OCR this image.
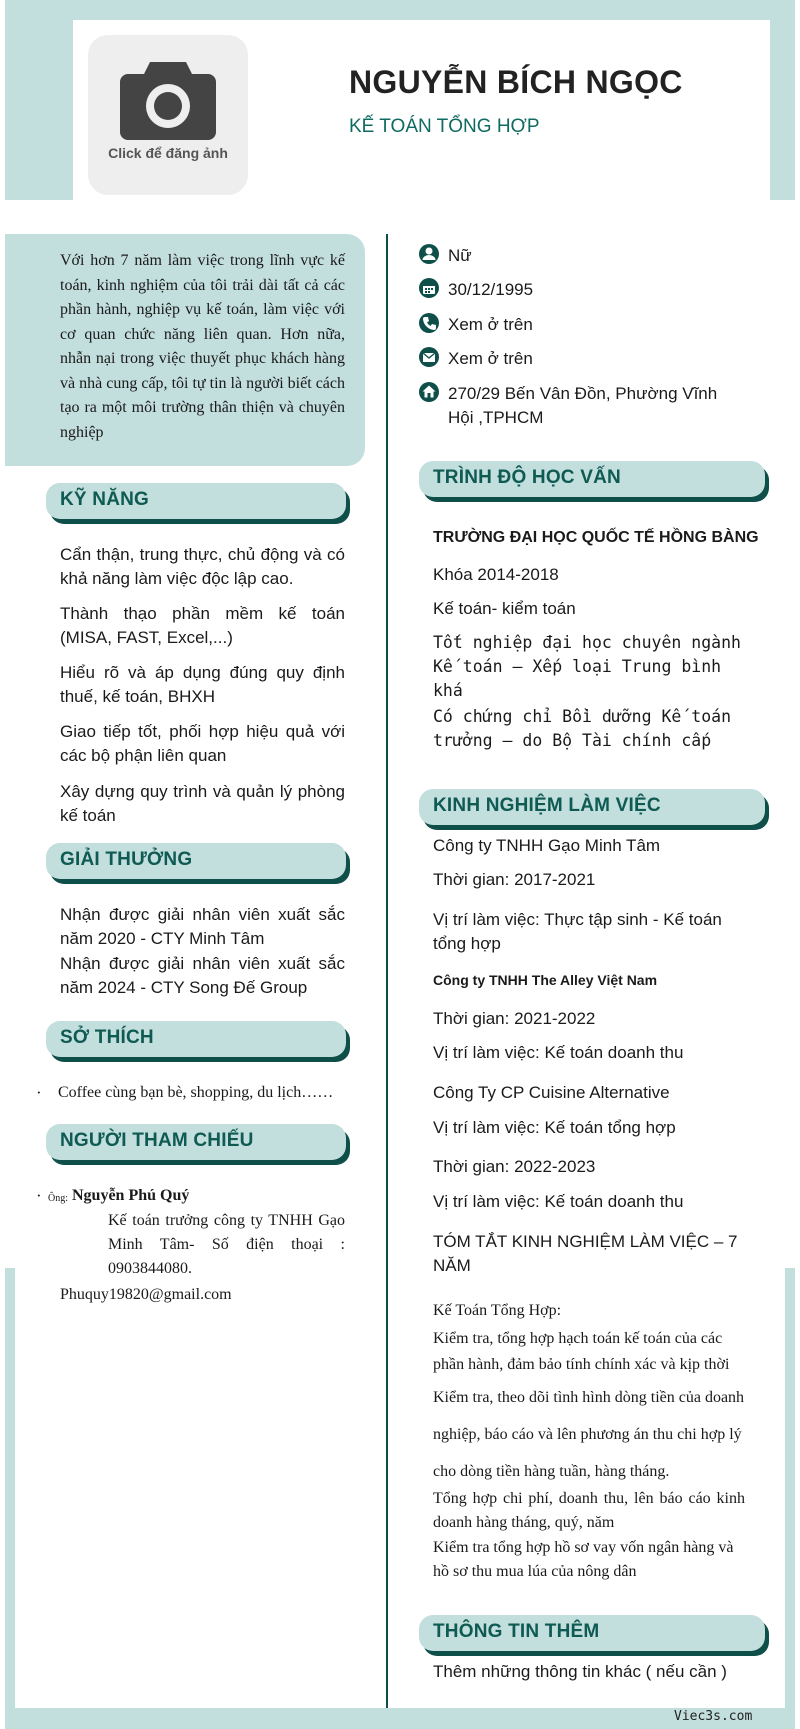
Click để đăng ảnh
NGUYỄN BÍCH NGỌC
KẾ TOÁN TỔNG HỢP
Với hơn 7 năm làm việc trong lĩnh vực kế toán, kinh nghiệm của tôi trải dài tất cả các phần hành, nghiệp vụ kế toán, làm việc với cơ quan chức năng liên quan. Hơn nữa, nhẫn nại trong việc thuyết phục khách hàng và nhà cung cấp, tôi tự tin là người biết cách tạo ra một môi trường thân thiện và chuyên nghiệp
KỸ NĂNG
Cẩn thận, trung thực, chủ động và có khả năng làm việc độc lập cao.
Thành thạo phần mềm kế toán (MISA, FAST, Excel,...)
Hiểu rõ và áp dụng đúng quy định thuế, kế toán, BHXH
Giao tiếp tốt, phối hợp hiệu quả với các bộ phận liên quan
Xây dựng quy trình và quản lý phòng kế toán
GIẢI THƯỞNG
Nhận được giải nhân viên xuất sắc năm 2020 - CTY Minh Tâm
Nhận được giải nhân viên xuất sắc năm 2024 - CTY Song Đế Group
SỞ THÍCH
· Coffee cùng bạn bè, shopping, du lịch……
NGƯỜI THAM CHIẾU
· Ông: Nguyễn Phú Quý
Kế toán trưởng công ty TNHH Gạo Minh Tâm- Số điện thoại : 0903844080.
Phuquy19820@gmail.com
Nữ
30/12/1995
Xem ở trên
Xem ở trên
270/29 Bến Vân Đồn, Phường Vĩnh Hội ,TPHCM
TRÌNH ĐỘ HỌC VẤN
TRƯỜNG ĐẠI HỌC QUỐC TẾ HỒNG BÀNG
Khóa 2014-2018
Kế toán- kiểm toán
Tốt nghiệp đại học chuyên ngành Kế toán – Xếp loại Trung bình khá
Có chứng chỉ Bồi dưỡng Kế toán trưởng – do Bộ Tài chính cấp
KINH NGHIỆM LÀM VIỆC
Công ty TNHH Gạo Minh Tâm
Thời gian: 2017-2021
Vị trí làm việc: Thực tập sinh - Kế toán tổng hợp
Công ty TNHH The Alley Việt Nam
Thời gian: 2021-2022
Vị trí làm việc: Kế toán doanh thu
Công Ty CP Cuisine Alternative
Vị trí làm việc: Kế toán tổng hợp
Thời gian: 2022-2023
Vị trí làm việc: Kế toán doanh thu
TÓM TẮT KINH NGHIỆM LÀM VIỆC – 7 NĂM
Kế Toán Tổng Hợp:
Kiểm tra, tổng hợp hạch toán kế toán của các phần hành, đảm bảo tính chính xác và kịp thời
Kiểm tra, theo dõi tình hình dòng tiền của doanh
nghiệp, báo cáo và lên phương án thu chi hợp lý
cho dòng tiền hàng tuần, hàng tháng.
Tổng hợp chi phí, doanh thu, lên báo cáo kinh doanh hàng tháng, quý, năm
Kiểm tra tổng hợp hồ sơ vay vốn ngân hàng và hồ sơ thu mua lúa của nông dân
THÔNG TIN THÊM
Thêm những thông tin khác ( nếu cần )
Viec3s.com
